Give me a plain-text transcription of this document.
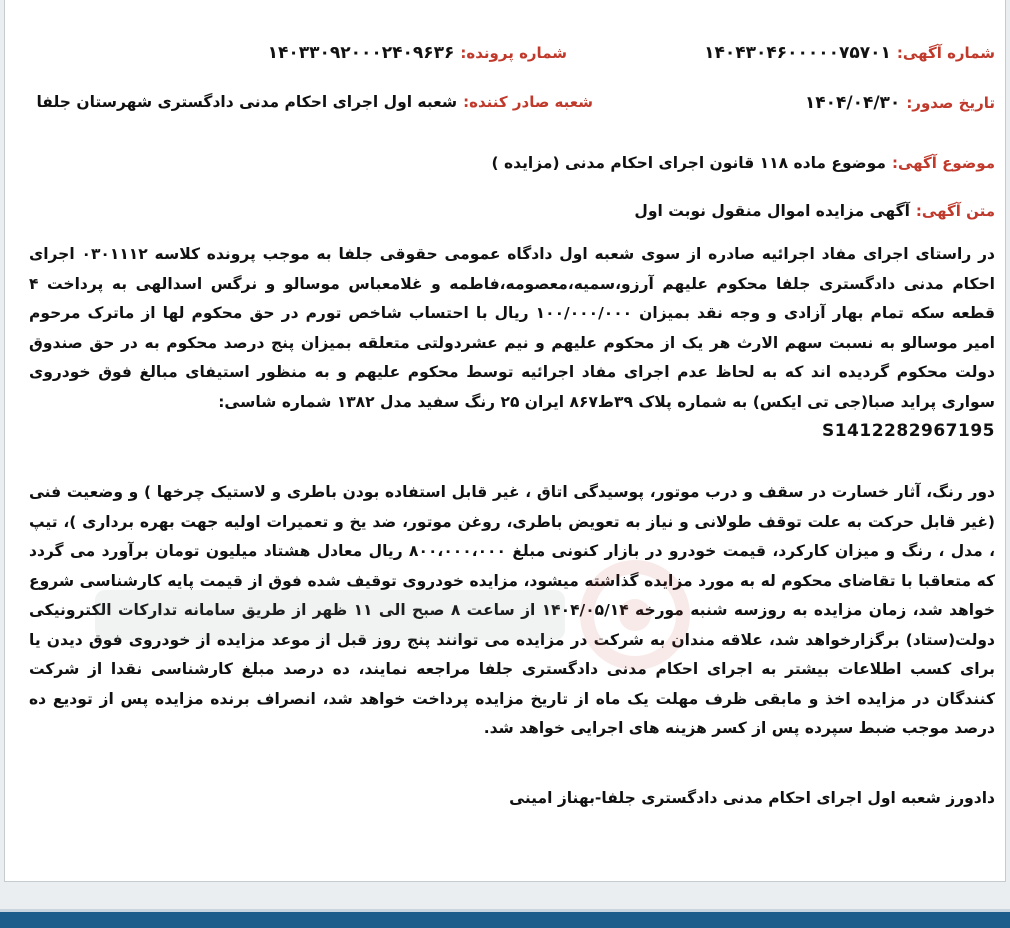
شماره آگهی:
۱۴۰۴۳۰۴۶۰۰۰۰۰۷۵۷۰۱
شماره پرونده:
۱۴۰۳۳۰۹۲۰۰۰۲۴۰۹۶۳۶
تاریخ صدور:
۱۴۰۴/۰۴/۳۰
شعبه صادر کننده:
شعبه اول اجرای احکام مدنی دادگستری شهرستان جلفا
موضوع آگهی:
موضوع ماده ۱۱۸ قانون اجرای احکام مدنی (مزایده )
متن آگهی:
آگهی مزایده اموال منقول نوبت اول

در راستای اجرای مفاد اجرائیه صادره از سوی شعبه اول دادگاه عمومی حقوقی جلفا به موجب پرونده کلاسه ۰۳۰۱۱۱۲ اجرای احکام مدنی دادگستری جلفا محکوم علیهم آرزو،سمیه،معصومه،فاطمه و غلامعباس موسالو و نرگس اسدالهی به پرداخت ۴ قطعه سکه تمام بهار آزادی و وجه نقد بمیزان ۱۰۰/۰۰۰/۰۰۰ ریال با احتساب شاخص تورم در حق محکوم لها از ماترک مرحوم امیر موسالو به نسبت سهم الارث هر یک از محکوم علیهم و نیم عشردولتی متعلقه بمیزان پنج درصد محکوم به در حق صندوق دولت محکوم گردیده اند که به لحاظ عدم اجرای مفاد اجرائیه توسط محکوم علیهم و به منظور استیفای مبالغ فوق خودروی سواری پراید صبا(جی تی ایکس) به شماره پلاک ۳۹ط۸۶۷ ایران ۲۵ رنگ سفید مدل ۱۳۸۲ شماره شاسی:
S1412282967195

دور رنگ، آثار خسارت در سقف و درب موتور، پوسیدگی اتاق ، غیر قابل استفاده بودن باطری و لاستیک چرخها ) و وضعیت فنی (غیر قابل حرکت به علت توقف طولانی و نیاز به تعویض باطری، روغن موتور، ضد یخ و تعمیرات اولیه جهت بهره برداری )، تیپ ، مدل ، رنگ و میزان کارکرد، قیمت خودرو در بازار کنونی مبلغ ۸۰۰،۰۰۰،۰۰۰ ریال معادل هشتاد میلیون تومان برآورد می گردد که متعاقبا با تقاضای محکوم له به مورد مزایده گذاشته میشود، مزایده خودروی توقیف شده فوق از قیمت پایه کارشناسی شروع خواهد شد، زمان مزایده به روزسه شنبه مورخه ۱۴۰۴/۰۵/۱۴ از ساعت ۸ صبح الی ۱۱ ظهر از طریق سامانه تدارکات الکترونیکی دولت(ستاد) برگزارخواهد شد، علاقه مندان به شرکت در مزایده می توانند پنج روز قبل از موعد مزایده از خودروی فوق دیدن یا برای کسب اطلاعات بیشتر به اجرای احکام مدنی دادگستری جلفا مراجعه نمایند، ده درصد مبلغ کارشناسی نقدا از شرکت کنندگان در مزایده اخذ و مابقی ظرف مهلت یک ماه از تاریخ مزایده پرداخت خواهد شد، انصراف برنده مزایده پس از توديع ده درصد موجب ضبط سپرده پس از کسر هزینه های اجرایی خواهد شد.

دادورز شعبه اول اجرای احکام مدنی دادگستری جلفا-بهناز امینی
